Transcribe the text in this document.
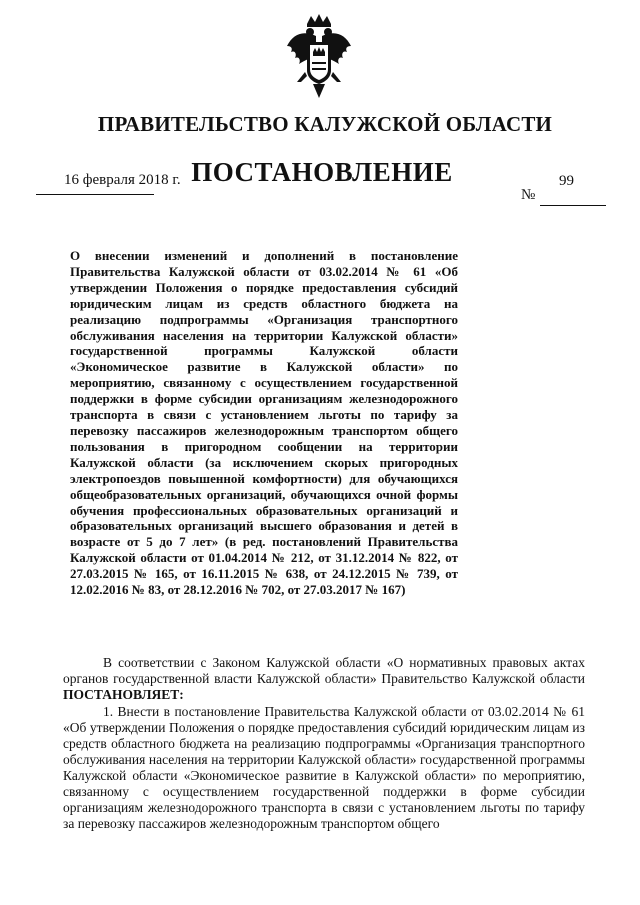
ПРАВИТЕЛЬСТВО КАЛУЖСКОЙ ОБЛАСТИ
ПОСТАНОВЛЕНИЕ
16 февраля 2018 г.	99
№
О внесении изменений и дополнений в постановление Правительства Калужской области от 03.02.2014 № 61 «Об утверждении Положения о порядке предоставления субсидий юридическим лицам из средств областного бюджета на реализацию подпрограммы «Организация транспортного обслуживания населения на территории Калужской области» государственной программы Калужской области «Экономическое развитие в Калужской области» по мероприятию, связанному с осуществлением государственной поддержки в форме субсидии организациям железнодорожного транспорта в связи с установлением льготы по тарифу за перевозку пассажиров железнодорожным транспортом общего пользования в пригородном сообщении на территории Калужской области (за исключением скорых пригородных электропоездов повышенной комфортности) для обучающихся общеобразовательных организаций, обучающихся очной формы обучения профессиональных образовательных организаций и образовательных организаций высшего образования и детей в возрасте от 5 до 7 лет» (в ред. постановлений Правительства Калужской области от 01.04.2014 № 212, от 31.12.2014 № 822, от 27.03.2015 № 165, от 16.11.2015 № 638, от 24.12.2015 № 739, от 12.02.2016 № 83, от 28.12.2016 № 702, от 27.03.2017 № 167)
В соответствии с Законом Калужской области «О нормативных правовых актах органов государственной власти Калужской области» Правительство Калужской области ПОСТАНОВЛЯЕТ:
1. Внести в постановление Правительства Калужской области от 03.02.2014 № 61 «Об утверждении Положения о порядке предоставления субсидий юридическим лицам из средств областного бюджета на реализацию подпрограммы «Организация транспортного обслуживания населения на территории Калужской области» государственной программы Калужской области «Экономическое развитие в Калужской области» по мероприятию, связанному с осуществлением государственной поддержки в форме субсидии организациям железнодорожного транспорта в связи с установлением льготы по тарифу за перевозку пассажиров железнодорожным транспортом общего
